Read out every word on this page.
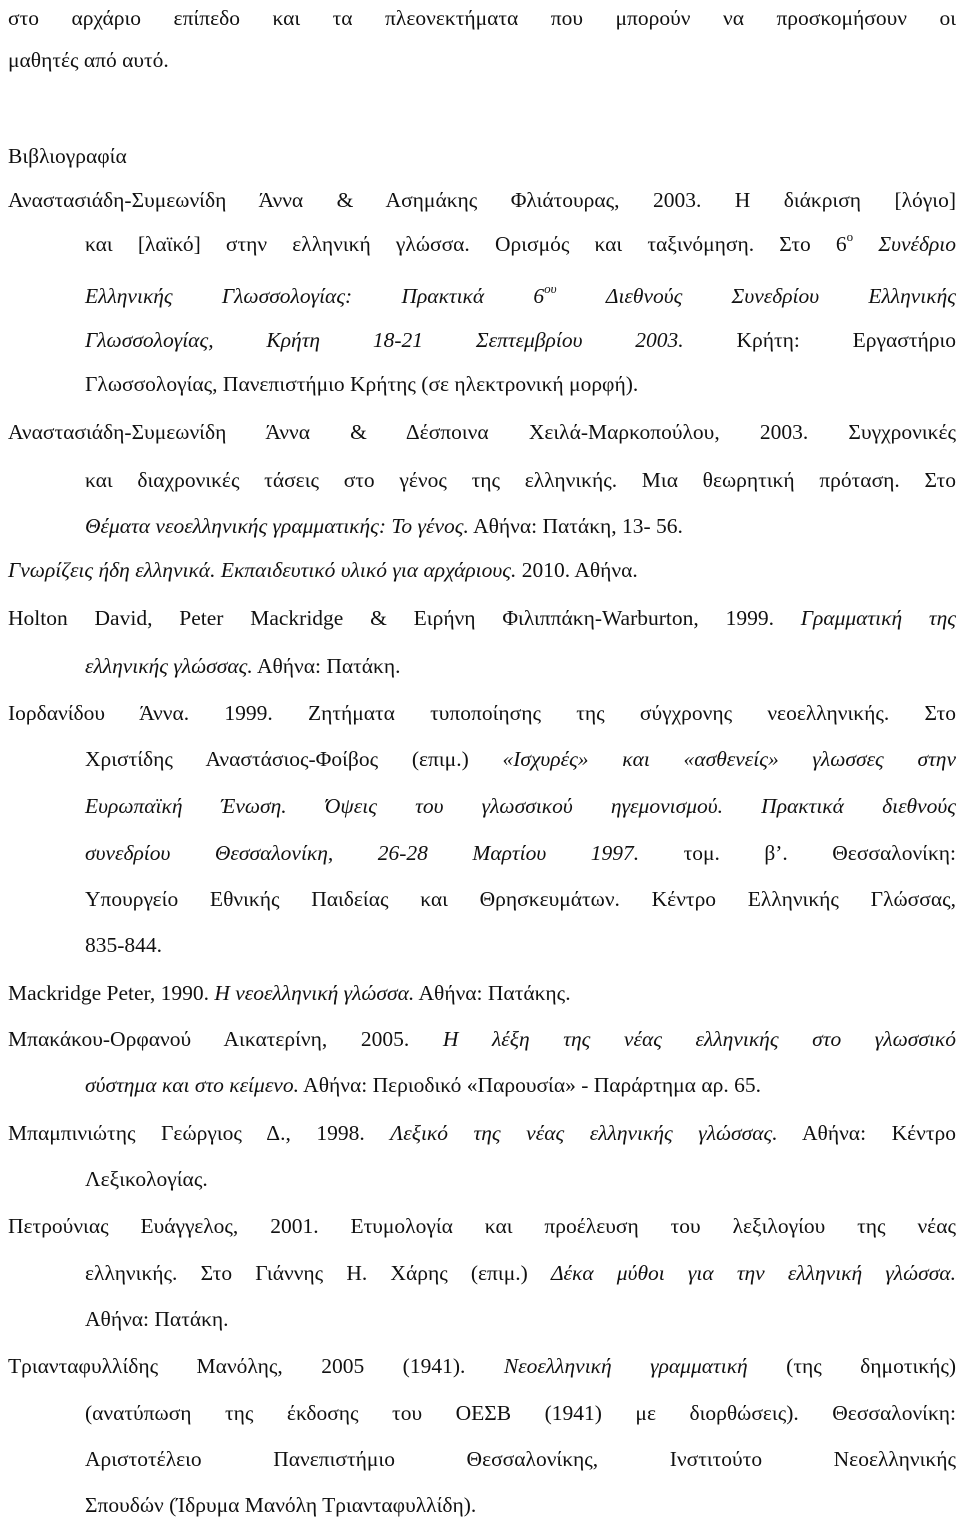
στο αρχάριο επίπεδο και τα πλεονεκτήματα που μπορούν να προσκομήσουν οι
μαθητές από αυτό.
Βιβλιογραφία
Αναστασιάδη-Συμεωνίδη Άννα & Ασημάκης Φλιάτουρας, 2003. Η διάκριση [λόγιο]
και [λαϊκό] στην ελληνική γλώσσα. Ορισμός και ταξινόμηση. Στο $6^o$ Συνέδριο
Ελληνικής Γλωσσολογίας: Πρακτικά $6^{o\upsilon}$ Διεθνούς Συνεδρίου Ελληνικής
Γλωσσολογίας, Κρήτη 18-21 Σεπτεμβρίου 2003. Κρήτη: Εργαστήριο
Γλωσσολογίας, Πανεπιστήμιο Κρήτης (σε ηλεκτρονική μορφή).
Αναστασιάδη-Συμεωνίδη Άννα & Δέσποινα Χειλά-Μαρκοπούλου, 2003. Συγχρονικές
και διαχρονικές τάσεις στο γένος της ελληνικής. Μια θεωρητική πρόταση. Στο
Θέματα νεοελληνικής γραμματικής: Το γένος. Αθήνα: Πατάκη, 13- 56.
Γνωρίζεις ήδη ελληνικά. Εκπαιδευτικό υλικό για αρχάριους. 2010. Αθήνα.
Holton David, Peter Mackridge & Ειρήνη Φιλιππάκη-Warburton, 1999. Γραμματική της
ελληνικής γλώσσας. Αθήνα: Πατάκη.
Ιορδανίδου Άννα. 1999. Ζητήματα τυποποίησης της σύγχρονης νεοελληνικής. Στο
Χριστίδης Αναστάσιος-Φοίβος (επιμ.) «Ισχυρές» και «ασθενείς» γλωσσες στην
Ευρωπαϊκή Ένωση. Όψεις του γλωσσικού ηγεμονισμού. Πρακτικά διεθνούς
συνεδρίου Θεσσαλονίκη, 26-28 Μαρτίου 1997. τομ. β’. Θεσσαλονίκη:
Υπουργείο Εθνικής Παιδείας και Θρησκευμάτων. Κέντρο Ελληνικής Γλώσσας,
835-844.
Mackridge Peter, 1990. Η νεοελληνική γλώσσα. Αθήνα: Πατάκης.
Μπακάκου-Ορφανού Αικατερίνη, 2005. Η λέξη της νέας ελληνικής στο γλωσσικό
σύστημα και στο κείμενο. Αθήνα: Περιοδικό «Παρουσία» - Παράρτημα αρ. 65.
Μπαμπινιώτης Γεώργιος Δ., 1998. Λεξικό της νέας ελληνικής γλώσσας. Αθήνα: Κέντρο
Λεξικολογίας.
Πετρούνιας Ευάγγελος, 2001. Ετυμολογία και προέλευση του λεξιλογίου της νέας
ελληνικής. Στο Γιάννης Η. Χάρης (επιμ.) Δέκα μύθοι για την ελληνική γλώσσα.
Αθήνα: Πατάκη.
Τριανταφυλλίδης Μανόλης, 2005 (1941). Νεοελληνική γραμματική (της δημοτικής)
(ανατύπωση της έκδοσης του ΟΕΣΒ (1941) με διορθώσεις). Θεσσαλονίκη:
Αριστοτέλειο Πανεπιστήμιο Θεσσαλονίκης, Ινστιτούτο Νεοελληνικής
Σπουδών (Ίδρυμα Μανόλη Τριανταφυλλίδη).
